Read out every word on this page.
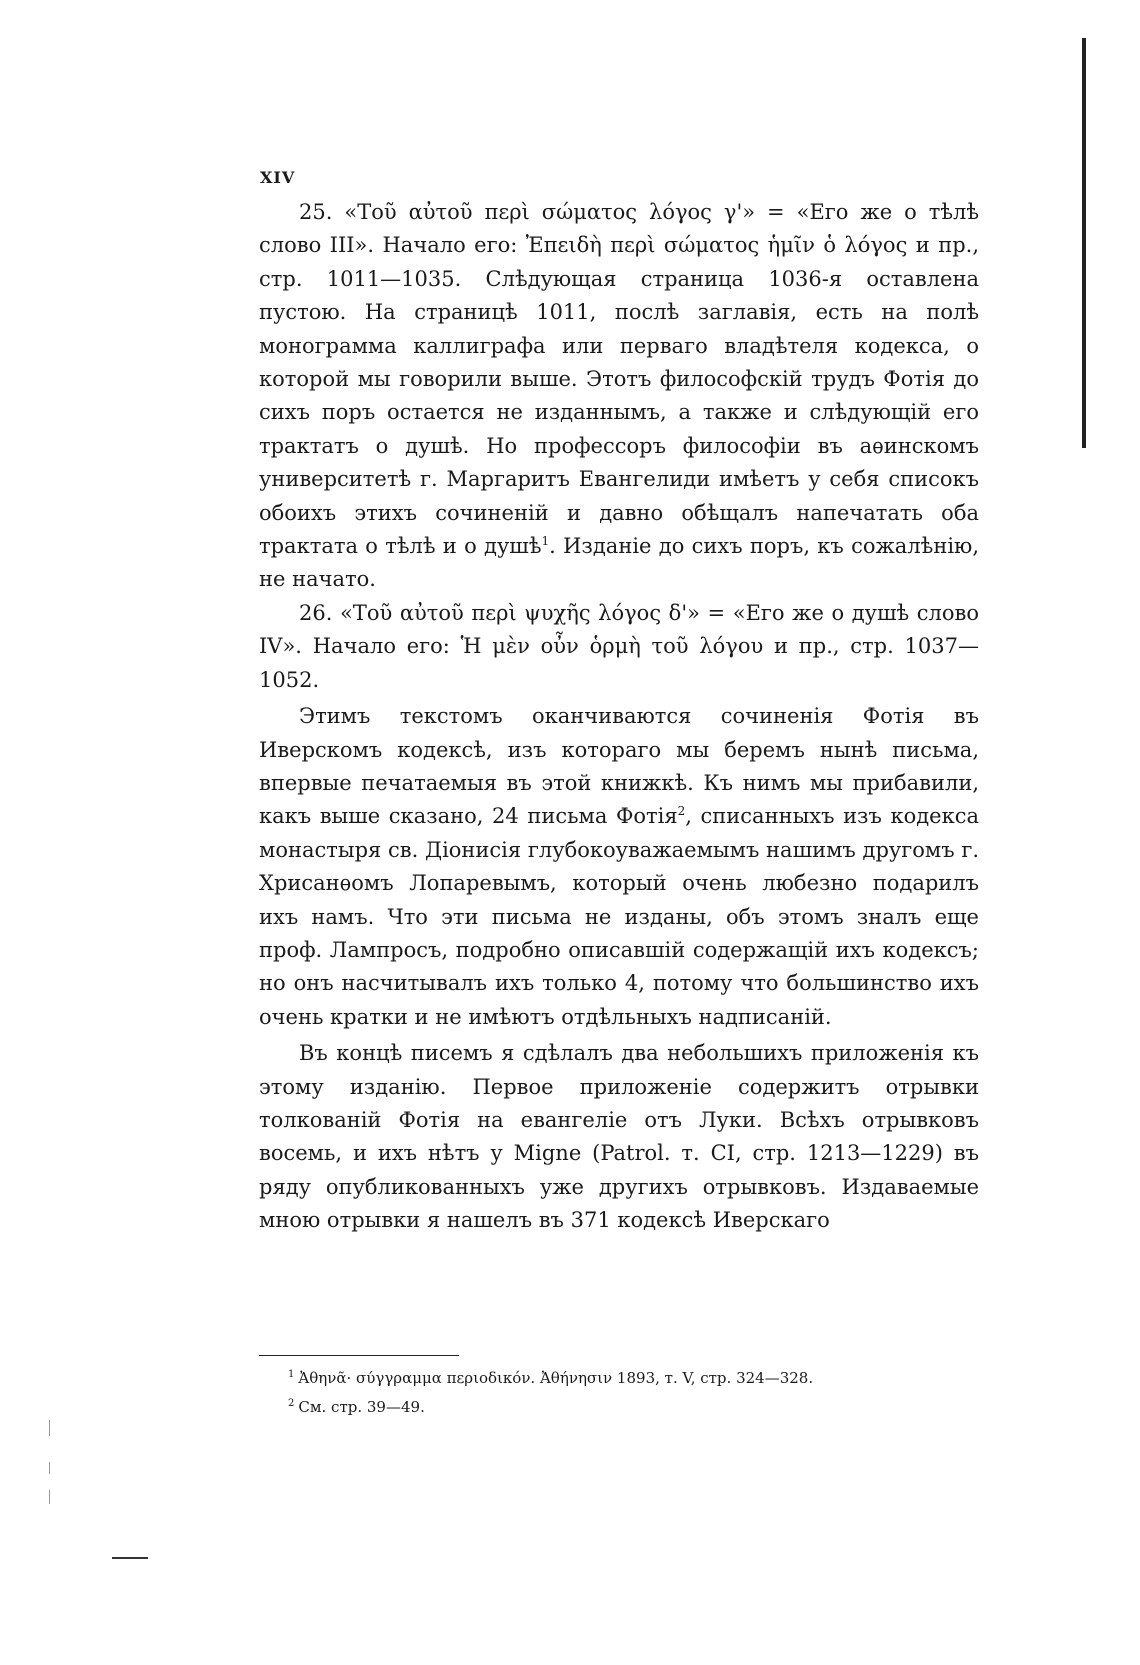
XIV

25. «Τοῦ αὐτοῦ περὶ σώματος λόγος γ'» = «Его же о тѣлѣ слово III». Начало его: Ἐπειδὴ περὶ σώματος ἡμῖν ὁ λόγος и пр., стр. 1011—1035. Слѣдующая страница 1036-я оставлена пустою. На страницѣ 1011, послѣ заглавія, есть на полѣ монограмма каллиграфа или перваго владѣтеля кодекса, о которой мы говорили выше. Этотъ философскій трудъ Фотія до сихъ поръ остается не изданнымъ, а также и слѣдующій его трактатъ о душѣ. Но профессоръ философіи въ аѳинскомъ университетѣ г. Маргаритъ Евангелиди имѣетъ у себя списокъ обоихъ этихъ сочиненій и давно обѣщалъ напечатать оба трактата о тѣлѣ и о душѣ$^1$. Изданіе до сихъ поръ, къ сожалѣнію, не начато.

26. «Τοῦ αὐτοῦ περὶ ψυχῆς λόγος δ'» = «Его же о душѣ слово IV». Начало его: Ἡ μὲν οὖν ὁρμὴ τοῦ λόγου и пр., стр. 1037—1052.

Этимъ текстомъ оканчиваются сочиненія Фотія въ Иверскомъ кодексѣ, изъ котораго мы беремъ нынѣ письма, впервые печатаемыя въ этой книжкѣ. Къ нимъ мы прибавили, какъ выше сказано, 24 письма Фотія$^2$, списанныхъ изъ кодекса монастыря св. Діонисія глубокоуважаемымъ нашимъ другомъ г. Хрисанѳомъ Лопаревымъ, который очень любезно подарилъ ихъ намъ. Что эти письма не изданы, объ этомъ зналъ еще проф. Лампросъ, подробно описавшій содержащій ихъ кодексъ; но онъ насчитывалъ ихъ только 4, потому что большинство ихъ очень кратки и не имѣютъ отдѣльныхъ надписаній.

Въ концѣ писемъ я сдѣлалъ два небольшихъ приложенія къ этому изданію. Первое приложеніе содержитъ отрывки толкованій Фотія на евангеліе отъ Луки. Всѣхъ отрывковъ восемь, и ихъ нѣтъ у Migne (Patrol. т. CI, стр. 1213—1229) въ ряду опубликованныхъ уже другихъ отрывковъ. Издаваемые мною отрывки я нашелъ въ 371 кодексѣ Иверскаго

$^1$ Ἀθηνᾶ· σύγγραμμα περιοδικόν. Ἀθήνησιν 1893, т. V, стр. 324—328.

$^2$ См. стр. 39—49.
